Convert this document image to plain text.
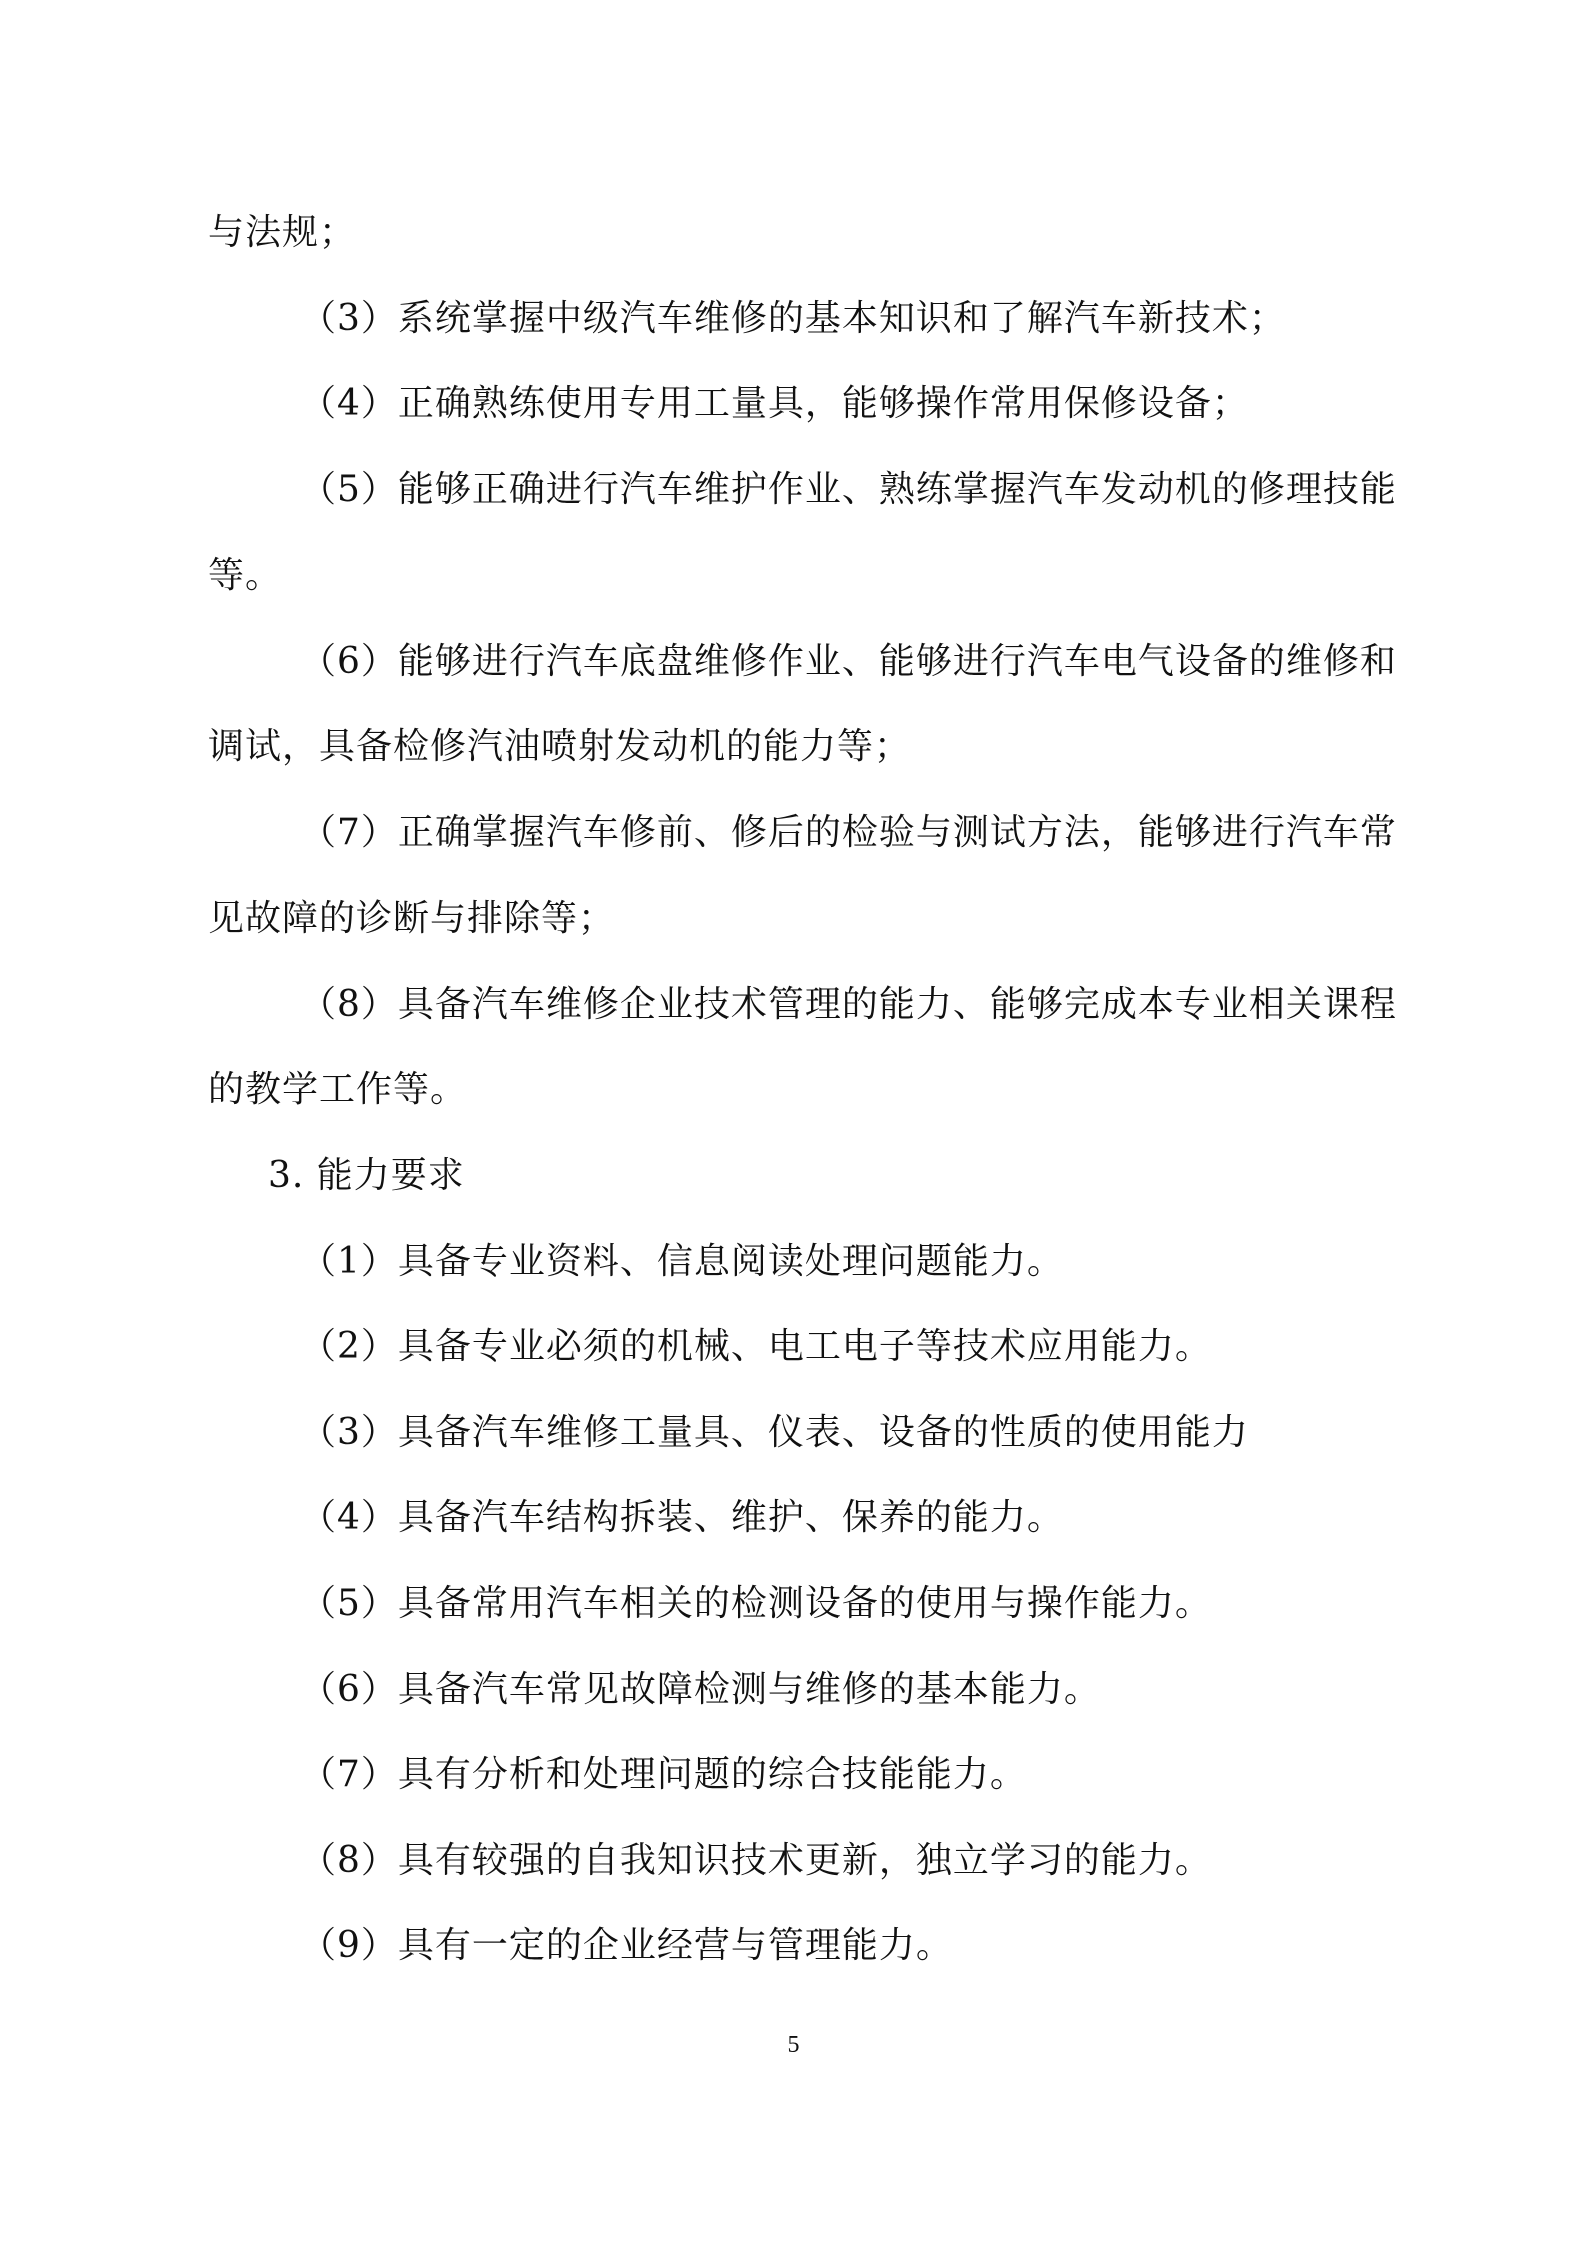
与法规；
（3）系统掌握中级汽车维修的基本知识和了解汽车新技术；
（4）正确熟练使用专用工量具，能够操作常用保修设备；
（5）能够正确进行汽车维护作业、熟练掌握汽车发动机的修理技能
等。
（6）能够进行汽车底盘维修作业、能够进行汽车电气设备的维修和
调试，具备检修汽油喷射发动机的能力等；
（7）正确掌握汽车修前、修后的检验与测试方法，能够进行汽车常
见故障的诊断与排除等；
（8）具备汽车维修企业技术管理的能力、能够完成本专业相关课程
的教学工作等。
3. 能力要求
（1）具备专业资料、信息阅读处理问题能力。
（2）具备专业必须的机械、电工电子等技术应用能力。
（3）具备汽车维修工量具、仪表、设备的性质的使用能力
（4）具备汽车结构拆装、维护、保养的能力。
（5）具备常用汽车相关的检测设备的使用与操作能力。
（6）具备汽车常见故障检测与维修的基本能力。
（7）具有分析和处理问题的综合技能能力。
（8）具有较强的自我知识技术更新，独立学习的能力。
（9）具有一定的企业经营与管理能力。
5
